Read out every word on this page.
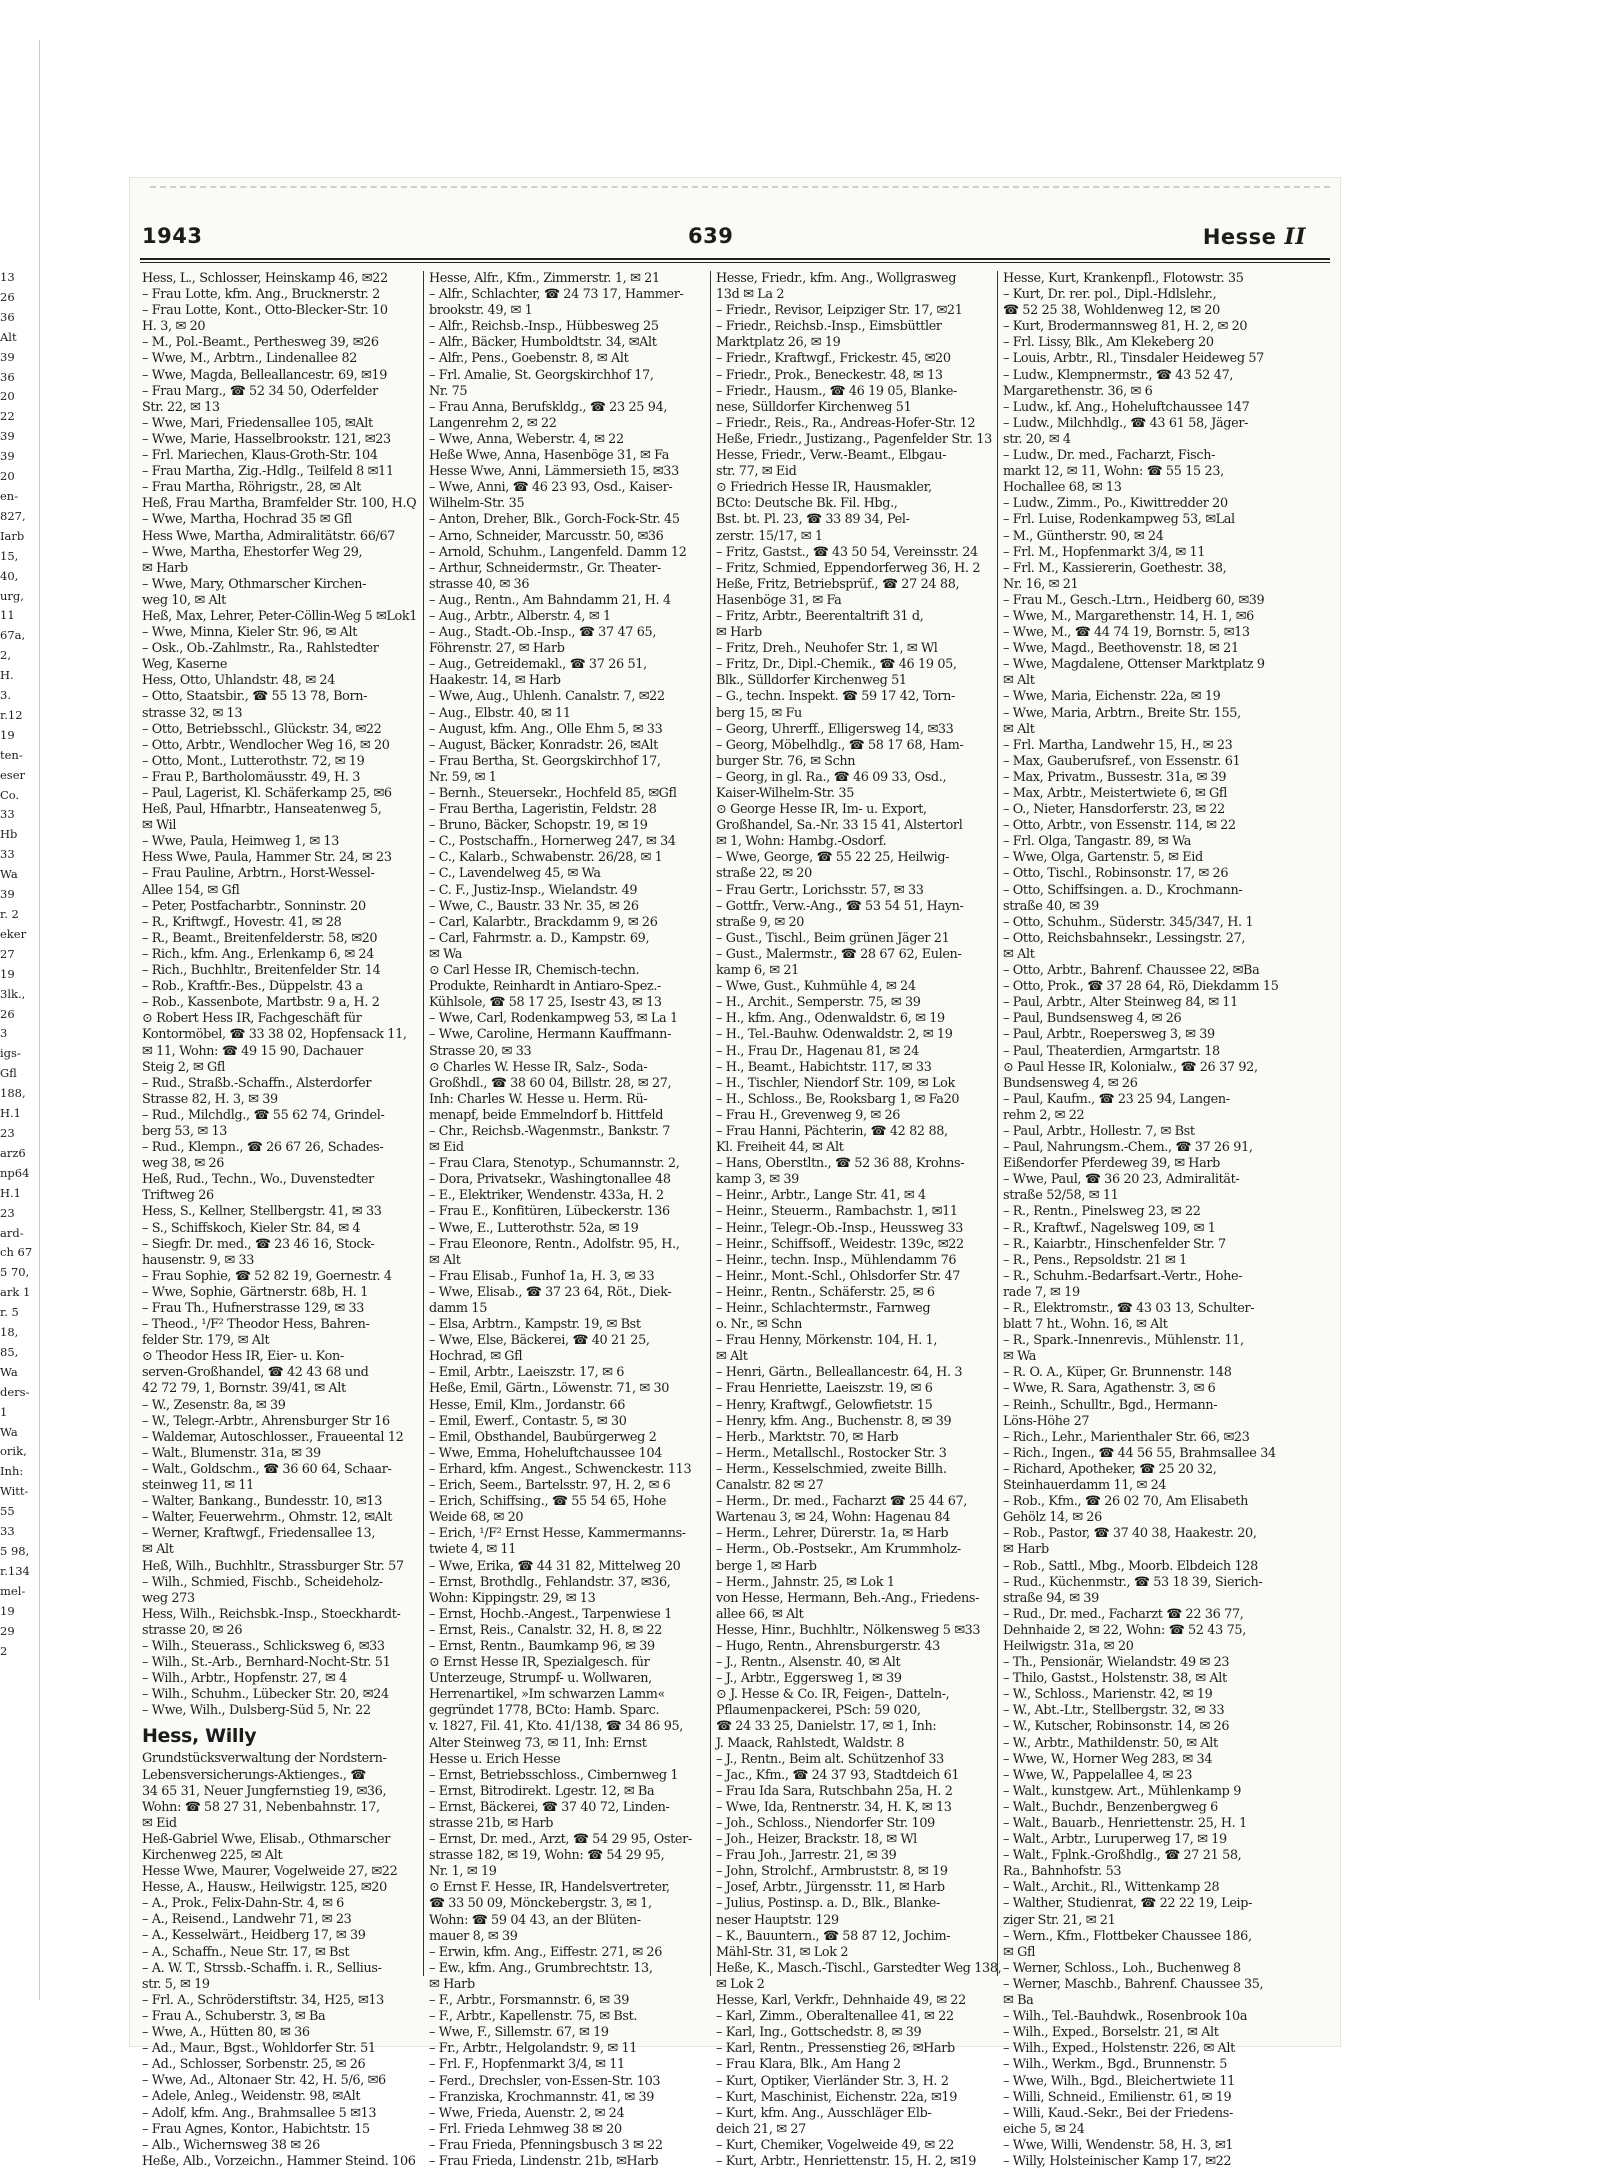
13
26
36
Alt
39
36
20
22
39
39
20
en-
827,
Iarb
15,
40,
urg,
11
67a,
2,
H.
3.
r.12
19
ten-
eser
Co.
33
Hb
33
Wa
39
r. 2
eker
27
19
3lk.,
26
3
igs-
Gfl
188,
H.1
23
arz6
np64
H.1
23
ard-
ch 67
5 70,
ark 1
r. 5
18,
85,
Wa
ders-
1
Wa
orik,
Inh:
Witt-
55
33
5 98,
r.134
mel-
19
29
2
1943	639	Hesse II
Hess, L., Schlosser, Heinskamp 46, ✉22
– Frau Lotte, kfm. Ang., Brucknerstr. 2
– Frau Lotte, Kont., Otto-Blecker-Str. 10
H. 3, ✉ 20
– M., Pol.-Beamt., Perthesweg 39, ✉26
– Wwe, M., Arbtrn., Lindenallee 82
– Wwe, Magda, Belleallancestr. 69, ✉19
– Frau Marg., ☎ 52 34 50, Oderfelder
Str. 22, ✉ 13
– Wwe, Mari, Friedensallee 105, ✉Alt
– Wwe, Marie, Hasselbrookstr. 121, ✉23
– Frl. Mariechen, Klaus-Groth-Str. 104
– Frau Martha, Zig.-Hdlg., Teilfeld 8 ✉11
– Frau Martha, Röhrigstr., 28, ✉ Alt
Heß, Frau Martha, Bramfelder Str. 100, H.Q
– Wwe, Martha, Hochrad 35 ✉ Gfl
Hess Wwe, Martha, Admiralitätstr. 66/67
– Wwe, Martha, Ehestorfer Weg 29,
✉ Harb
– Wwe, Mary, Othmarscher Kirchen-
weg 10, ✉ Alt
Heß, Max, Lehrer, Peter-Cöllin-Weg 5 ✉Lok1
– Wwe, Minna, Kieler Str. 96, ✉ Alt
– Osk., Ob.-Zahlmstr., Ra., Rahlstedter
Weg, Kaserne
Hess, Otto, Uhlandstr. 48, ✉ 24
– Otto, Staatsbir., ☎ 55 13 78, Born-
strasse 32, ✉ 13
– Otto, Betriebsschl., Glückstr. 34, ✉22
– Otto, Arbtr., Wendlocher Weg 16, ✉ 20
– Otto, Mont., Lutterothstr. 72, ✉ 19
– Frau P., Bartholomäusstr. 49, H. 3
– Paul, Lagerist, Kl. Schäferkamp 25, ✉6
Heß, Paul, Hfnarbtr., Hanseatenweg 5,
✉ Wil
– Wwe, Paula, Heimweg 1, ✉ 13
Hess Wwe, Paula, Hammer Str. 24, ✉ 23
– Frau Pauline, Arbtrn., Horst-Wessel-
Allee 154, ✉ Gfl
– Peter, Postfacharbtr., Sonninstr. 20
– R., Kriftwgf., Hovestr. 41, ✉ 28
– R., Beamt., Breitenfelderstr. 58, ✉20
– Rich., kfm. Ang., Erlenkamp 6, ✉ 24
– Rich., Buchhltr., Breitenfelder Str. 14
– Rob., Kraftfr.-Bes., Düppelstr. 43 a
– Rob., Kassenbote, Martbstr. 9 a, H. 2
⊙ Robert Hess IR, Fachgeschäft für
Kontormöbel, ☎ 33 38 02, Hopfensack 11,
✉ 11, Wohn: ☎ 49 15 90, Dachauer
Steig 2, ✉ Gfl
– Rud., Straßb.-Schaffn., Alsterdorfer
Strasse 82, H. 3, ✉ 39
– Rud., Milchdlg., ☎ 55 62 74, Grindel-
berg 53, ✉ 13
– Rud., Klempn., ☎ 26 67 26, Schades-
weg 38, ✉ 26
Heß, Rud., Techn., Wo., Duvenstedter
Triftweg 26
Hess, S., Kellner, Stellbergstr. 41, ✉ 33
– S., Schiffskoch, Kieler Str. 84, ✉ 4
– Siegfr. Dr. med., ☎ 23 46 16, Stock-
hausenstr. 9, ✉ 33
– Frau Sophie, ☎ 52 82 19, Goernestr. 4
– Wwe, Sophie, Gärtnerstr. 68b, H. 1
– Frau Th., Hufnerstrasse 129, ✉ 33
– Theod., ¹/F² Theodor Hess, Bahren-
felder Str. 179, ✉ Alt
⊙ Theodor Hess IR, Eier- u. Kon-
serven-Großhandel, ☎ 42 43 68 und
42 72 79, 1, Bornstr. 39/41, ✉ Alt
– W., Zesenstr. 8a, ✉ 39
– W., Telegr.-Arbtr., Ahrensburger Str 16
– Waldemar, Autoschlosser., Fraueental 12
– Walt., Blumenstr. 31a, ✉ 39
– Walt., Goldschm., ☎ 36 60 64, Schaar-
steinweg 11, ✉ 11
– Walter, Bankang., Bundesstr. 10, ✉13
– Walter, Feuerwehrm., Ohmstr. 12, ✉Alt
– Werner, Kraftwgf., Friedensallee 13,
✉ Alt
Heß, Wilh., Buchhltr., Strassburger Str. 57
– Wilh., Schmied, Fischb., Scheideholz-
weg 273
Hess, Wilh., Reichsbk.-Insp., Stoeckhardt-
strasse 20, ✉ 26
– Wilh., Steuerass., Schlicksweg 6, ✉33
– Wilh., St.-Arb., Bernhard-Nocht-Str. 51
– Wilh., Arbtr., Hopfenstr. 27, ✉ 4
– Wilh., Schuhm., Lübecker Str. 20, ✉24
– Wwe, Wilh., Dulsberg-Süd 5, Nr. 22
Hess, Willy
Grundstücksverwaltung der Nordstern-
Lebensversicherungs-Aktienges., ☎
34 65 31, Neuer Jungfernstieg 19, ✉36,
Wohn: ☎ 58 27 31, Nebenbahnstr. 17,
✉ Eid
Heß-Gabriel Wwe, Elisab., Othmarscher
Kirchenweg 225, ✉ Alt
Hesse Wwe, Maurer, Vogelweide 27, ✉22
Hesse, A., Hausw., Heilwigstr. 125, ✉20
– A., Prok., Felix-Dahn-Str. 4, ✉ 6
– A., Reisend., Landwehr 71, ✉ 23
– A., Kesselwärt., Heidberg 17, ✉ 39
– A., Schaffn., Neue Str. 17, ✉ Bst
– A. W. T., Strssb.-Schaffn. i. R., Sellius-
str. 5, ✉ 19
– Frl. A., Schröderstiftstr. 34, H25, ✉13
– Frau A., Schuberstr. 3, ✉ Ba
– Wwe, A., Hütten 80, ✉ 36
– Ad., Maur., Bgst., Wohldorfer Str. 51
– Ad., Schlosser, Sorbenstr. 25, ✉ 26
– Wwe, Ad., Altonaer Str. 42, H. 5/6, ✉6
– Adele, Anleg., Weidenstr. 98, ✉Alt
– Adolf, kfm. Ang., Brahmsallee 5 ✉13
– Frau Agnes, Kontor., Habichtstr. 15
– Alb., Wichernsweg 38 ✉ 26
Heße, Alb., Vorzeichn., Hammer Steind. 106
Hesse, Alfr., Kfm., Zimmerstr. 1, ✉ 21
– Alfr., Schlachter, ☎ 24 73 17, Hammer-
brookstr. 49, ✉ 1
– Alfr., Reichsb.-Insp., Hübbesweg 25
– Alfr., Bäcker, Humboldtstr. 34, ✉Alt
– Alfr., Pens., Goebenstr. 8, ✉ Alt
– Frl. Amalie, St. Georgskirchhof 17,
Nr. 75
– Frau Anna, Berufskldg., ☎ 23 25 94,
Langenrehm 2, ✉ 22
– Wwe, Anna, Weberstr. 4, ✉ 22
Heße Wwe, Anna, Hasenböge 31, ✉ Fa
Hesse Wwe, Anni, Lämmersieth 15, ✉33
– Wwe, Anni, ☎ 46 23 93, Osd., Kaiser-
Wilhelm-Str. 35
– Anton, Dreher, Blk., Gorch-Fock-Str. 45
– Arno, Schneider, Marcusstr. 50, ✉36
– Arnold, Schuhm., Langenfeld. Damm 12
– Arthur, Schneidermstr., Gr. Theater-
strasse 40, ✉ 36
– Aug., Rentn., Am Bahndamm 21, H. 4
– Aug., Arbtr., Alberstr. 4, ✉ 1
– Aug., Stadt.-Ob.-Insp., ☎ 37 47 65,
Föhrenstr. 27, ✉ Harb
– Aug., Getreidemakl., ☎ 37 26 51,
Haakestr. 14, ✉ Harb
– Wwe, Aug., Uhlenh. Canalstr. 7, ✉22
– Aug., Elbstr. 40, ✉ 11
– August, kfm. Ang., Olle Ehm 5, ✉ 33
– August, Bäcker, Konradstr. 26, ✉Alt
– Frau Bertha, St. Georgskirchhof 17,
Nr. 59, ✉ 1
– Bernh., Steuersekr., Hochfeld 85, ✉Gfl
– Frau Bertha, Lageristin, Feldstr. 28
– Bruno, Bäcker, Schopstr. 19, ✉ 19
– C., Postschaffn., Hornerweg 247, ✉ 34
– C., Kalarb., Schwabenstr. 26/28, ✉ 1
– C., Lavendelweg 45, ✉ Wa
– C. F., Justiz-Insp., Wielandstr. 49
– Wwe, C., Baustr. 33 Nr. 35, ✉ 26
– Carl, Kalarbtr., Brackdamm 9, ✉ 26
– Carl, Fahrmstr. a. D., Kampstr. 69,
✉ Wa
⊙ Carl Hesse IR, Chemisch-techn.
Produkte, Reinhardt in Antiaro-Spez.-
Kühlsole, ☎ 58 17 25, Isestr 43, ✉ 13
– Wwe, Carl, Rodenkampweg 53, ✉ La 1
– Wwe, Caroline, Hermann Kauffmann-
Strasse 20, ✉ 33
⊙ Charles W. Hesse IR, Salz-, Soda-
Großhdl., ☎ 38 60 04, Billstr. 28, ✉ 27,
Inh: Charles W. Hesse u. Herm. Rü-
menapf, beide Emmelndorf b. Hittfeld
– Chr., Reichsb.-Wagenmstr., Bankstr. 7
✉ Eid
– Frau Clara, Stenotyp., Schumannstr. 2,
– Dora, Privatsekr., Washingtonallee 48
– E., Elektriker, Wendenstr. 433a, H. 2
– Frau E., Konfitüren, Lübeckerstr. 136
– Wwe, E., Lutterothstr. 52a, ✉ 19
– Frau Eleonore, Rentn., Adolfstr. 95, H.,
✉ Alt
– Frau Elisab., Funhof 1a, H. 3, ✉ 33
– Wwe, Elisab., ☎ 37 23 64, Röt., Diek-
damm 15
– Elsa, Arbtrn., Kampstr. 19, ✉ Bst
– Wwe, Else, Bäckerei, ☎ 40 21 25,
Hochrad, ✉ Gfl
– Emil, Arbtr., Laeiszstr. 17, ✉ 6
Heße, Emil, Gärtn., Löwenstr. 71, ✉ 30
Hesse, Emil, Klm., Jordanstr. 66
– Emil, Ewerf., Contastr. 5, ✉ 30
– Emil, Obsthandel, Baubürgerweg 2
– Wwe, Emma, Hoheluftchaussee 104
– Erhard, kfm. Angest., Schwenckestr. 113
– Erich, Seem., Bartelsstr. 97, H. 2, ✉ 6
– Erich, Schiffsing., ☎ 55 54 65, Hohe
Weide 68, ✉ 20
– Erich, ¹/F² Ernst Hesse, Kammermanns-
twiete 4, ✉ 11
– Wwe, Erika, ☎ 44 31 82, Mittelweg 20
– Ernst, Brothdlg., Fehlandstr. 37, ✉36,
Wohn: Kippingstr. 29, ✉ 13
– Ernst, Hochb.-Angest., Tarpenwiese 1
– Ernst, Reis., Canalstr. 32, H. 8, ✉ 22
– Ernst, Rentn., Baumkamp 96, ✉ 39
⊙ Ernst Hesse IR, Spezialgesch. für
Unterzeuge, Strumpf- u. Wollwaren,
Herrenartikel, »Im schwarzen Lamm«
gegründet 1778, BCto: Hamb. Sparc.
v. 1827, Fil. 41, Kto. 41/138, ☎ 34 86 95,
Alter Steinweg 73, ✉ 11, Inh: Ernst
Hesse u. Erich Hesse
– Ernst, Betriebsschloss., Cimbernweg 1
– Ernst, Bitrodirekt. Lgestr. 12, ✉ Ba
– Ernst, Bäckerei, ☎ 37 40 72, Linden-
strasse 21b, ✉ Harb
– Ernst, Dr. med., Arzt, ☎ 54 29 95, Oster-
strasse 182, ✉ 19, Wohn: ☎ 54 29 95,
Nr. 1, ✉ 19
⊙ Ernst F. Hesse, IR, Handelsvertreter,
☎ 33 50 09, Mönckebergstr. 3, ✉ 1,
Wohn: ☎ 59 04 43, an der Blüten-
mauer 8, ✉ 39
– Erwin, kfm. Ang., Eiffestr. 271, ✉ 26
– Ew., kfm. Ang., Grumbrechtstr. 13,
✉ Harb
– F., Arbtr., Forsmannstr. 6, ✉ 39
– F., Arbtr., Kapellenstr. 75, ✉ Bst.
– Wwe, F., Sillemstr. 67, ✉ 19
– Fr., Arbtr., Helgolandstr. 9, ✉ 11
– Frl. F., Hopfenmarkt 3/4, ✉ 11
– Ferd., Drechsler, von-Essen-Str. 103
– Franziska, Krochmannstr. 41, ✉ 39
– Wwe, Frieda, Auenstr. 2, ✉ 24
– Frl. Frieda Lehmweg 38 ✉ 20
– Frau Frieda, Pfenningsbusch 3 ✉ 22
– Frau Frieda, Lindenstr. 21b, ✉Harb
Hesse, Friedr., kfm. Ang., Wollgrasweg
13d ✉ La 2
– Friedr., Revisor, Leipziger Str. 17, ✉21
– Friedr., Reichsb.-Insp., Eimsbüttler
Marktplatz 26, ✉ 19
– Friedr., Kraftwgf., Frickestr. 45, ✉20
– Friedr., Prok., Beneckestr. 48, ✉ 13
– Friedr., Hausm., ☎ 46 19 05, Blanke-
nese, Sülldorfer Kirchenweg 51
– Friedr., Reis., Ra., Andreas-Hofer-Str. 12
Heße, Friedr., Justizang., Pagenfelder Str. 13
Hesse, Friedr., Verw.-Beamt., Elbgau-
str. 77, ✉ Eid
⊙ Friedrich Hesse IR, Hausmakler,
BCto: Deutsche Bk. Fil. Hbg.,
Bst. bt. Pl. 23, ☎ 33 89 34, Pel-
zerstr. 15/17, ✉ 1
– Fritz, Gastst., ☎ 43 50 54, Vereinsstr. 24
– Fritz, Schmied, Eppendorferweg 36, H. 2
Heße, Fritz, Betriebsprüf., ☎ 27 24 88,
Hasenböge 31, ✉ Fa
– Fritz, Arbtr., Beerentaltrift 31 d,
✉ Harb
– Fritz, Dreh., Neuhofer Str. 1, ✉ Wl
– Fritz, Dr., Dipl.-Chemik., ☎ 46 19 05,
Blk., Sülldorfer Kirchenweg 51
– G., techn. Inspekt. ☎ 59 17 42, Torn-
berg 15, ✉ Fu
– Georg, Uhrerff., Elligersweg 14, ✉33
– Georg, Möbelhdlg., ☎ 58 17 68, Ham-
burger Str. 76, ✉ Schn
– Georg, in gl. Ra., ☎ 46 09 33, Osd.,
Kaiser-Wilhelm-Str. 35
⊙ George Hesse IR, Im- u. Export,
Großhandel, Sa.-Nr. 33 15 41, Alstertorl
✉ 1, Wohn: Hambg.-Osdorf.
– Wwe, George, ☎ 55 22 25, Heilwig-
straße 22, ✉ 20
– Frau Gertr., Lorichsstr. 57, ✉ 33
– Gottfr., Verw.-Ang., ☎ 53 54 51, Hayn-
straße 9, ✉ 20
– Gust., Tischl., Beim grünen Jäger 21
– Gust., Malermstr., ☎ 28 67 62, Eulen-
kamp 6, ✉ 21
– Wwe, Gust., Kuhmühle 4, ✉ 24
– H., Archit., Semperstr. 75, ✉ 39
– H., kfm. Ang., Odenwaldstr. 6, ✉ 19
– H., Tel.-Bauhw. Odenwaldstr. 2, ✉ 19
– H., Frau Dr., Hagenau 81, ✉ 24
– H., Beamt., Habichtstr. 117, ✉ 33
– H., Tischler, Niendorf Str. 109, ✉ Lok
– H., Schloss., Be, Rooksbarg 1, ✉ Fa20
– Frau H., Grevenweg 9, ✉ 26
– Frau Hanni, Pächterin, ☎ 42 82 88,
Kl. Freiheit 44, ✉ Alt
– Hans, Oberstltn., ☎ 52 36 88, Krohns-
kamp 3, ✉ 39
– Heinr., Arbtr., Lange Str. 41, ✉ 4
– Heinr., Steuerm., Rambachstr. 1, ✉11
– Heinr., Telegr.-Ob.-Insp., Heussweg 33
– Heinr., Schiffsoff., Weidestr. 139c, ✉22
– Heinr., techn. Insp., Mühlendamm 76
– Heinr., Mont.-Schl., Ohlsdorfer Str. 47
– Heinr., Rentn., Schäferstr. 25, ✉ 6
– Heinr., Schlachtermstr., Farnweg
o. Nr., ✉ Schn
– Frau Henny, Mörkenstr. 104, H. 1,
✉ Alt
– Henri, Gärtn., Belleallancestr. 64, H. 3
– Frau Henriette, Laeiszstr. 19, ✉ 6
– Henry, Kraftwgf., Gelowfietstr. 15
– Henry, kfm. Ang., Buchenstr. 8, ✉ 39
– Herb., Marktstr. 70, ✉ Harb
– Herm., Metallschl., Rostocker Str. 3
– Herm., Kesselschmied, zweite Billh.
Canalstr. 82 ✉ 27
– Herm., Dr. med., Facharzt ☎ 25 44 67,
Wartenau 3, ✉ 24, Wohn: Hagenau 84
– Herm., Lehrer, Dürerstr. 1a, ✉ Harb
– Herm., Ob.-Postsekr., Am Krummholz-
berge 1, ✉ Harb
– Herm., Jahnstr. 25, ✉ Lok 1
von Hesse, Hermann, Beh.-Ang., Friedens-
allee 66, ✉ Alt
Hesse, Hinr., Buchhltr., Nölkensweg 5 ✉33
– Hugo, Rentn., Ahrensburgerstr. 43
– J., Rentn., Alsenstr. 40, ✉ Alt
– J., Arbtr., Eggersweg 1, ✉ 39
⊙ J. Hesse & Co. IR, Feigen-, Datteln-,
Pflaumenpackerei, PSch: 59 020,
☎ 24 33 25, Danielstr. 17, ✉ 1, Inh:
J. Maack, Rahlstedt, Waldstr. 8
– J., Rentn., Beim alt. Schützenhof 33
– Jac., Kfm., ☎ 24 37 93, Stadtdeich 61
– Frau Ida Sara, Rutschbahn 25a, H. 2
– Wwe, Ida, Rentnerstr. 34, H. K, ✉ 13
– Joh., Schloss., Niendorfer Str. 109
– Joh., Heizer, Brackstr. 18, ✉ Wl
– Frau Joh., Jarrestr. 21, ✉ 39
– John, Strolchf., Armbruststr. 8, ✉ 19
– Josef, Arbtr., Jürgensstr. 11, ✉ Harb
– Julius, Postinsp. a. D., Blk., Blanke-
neser Hauptstr. 129
– K., Bauuntern., ☎ 58 87 12, Jochim-
Mähl-Str. 31, ✉ Lok 2
Heße, K., Masch.-Tischl., Garstedter Weg 138,
✉ Lok 2
Hesse, Karl, Verkfr., Dehnhaide 49, ✉ 22
– Karl, Zimm., Oberaltenallee 41, ✉ 22
– Karl, Ing., Gottschedstr. 8, ✉ 39
– Karl, Rentn., Pressenstieg 26, ✉Harb
– Frau Klara, Blk., Am Hang 2
– Kurt, Optiker, Vierländer Str. 3, H. 2
– Kurt, Maschinist, Eichenstr. 22a, ✉19
– Kurt, kfm. Ang., Ausschläger Elb-
deich 21, ✉ 27
– Kurt, Chemiker, Vogelweide 49, ✉ 22
– Kurt, Arbtr., Henriettenstr. 15, H. 2, ✉19
Hesse, Kurt, Krankenpfl., Flotowstr. 35
– Kurt, Dr. rer. pol., Dipl.-Hdlslehr.,
☎ 52 25 38, Wohldenweg 12, ✉ 20
– Kurt, Brodermannsweg 81, H. 2, ✉ 20
– Frl. Lissy, Blk., Am Klekeberg 20
– Louis, Arbtr., Rl., Tinsdaler Heideweg 57
– Ludw., Klempnermstr., ☎ 43 52 47,
Margarethenstr. 36, ✉ 6
– Ludw., kf. Ang., Hoheluftchaussee 147
– Ludw., Milchhdlg., ☎ 43 61 58, Jäger-
str. 20, ✉ 4
– Ludw., Dr. med., Facharzt, Fisch-
markt 12, ✉ 11, Wohn: ☎ 55 15 23,
Hochallee 68, ✉ 13
– Ludw., Zimm., Po., Kiwittredder 20
– Frl. Luise, Rodenkampweg 53, ✉Lal
– M., Güntherstr. 90, ✉ 24
– Frl. M., Hopfenmarkt 3/4, ✉ 11
– Frl. M., Kassiererin, Goethestr. 38,
Nr. 16, ✉ 21
– Frau M., Gesch.-Ltrn., Heidberg 60, ✉39
– Wwe, M., Margarethenstr. 14, H. 1, ✉6
– Wwe, M., ☎ 44 74 19, Bornstr. 5, ✉13
– Wwe, Magd., Beethovenstr. 18, ✉ 21
– Wwe, Magdalene, Ottenser Marktplatz 9
✉ Alt
– Wwe, Maria, Eichenstr. 22a, ✉ 19
– Wwe, Maria, Arbtrn., Breite Str. 155,
✉ Alt
– Frl. Martha, Landwehr 15, H., ✉ 23
– Max, Gauberufsref., von Essenstr. 61
– Max, Privatm., Bussestr. 31a, ✉ 39
– Max, Arbtr., Meistertwiete 6, ✉ Gfl
– O., Nieter, Hansdorferstr. 23, ✉ 22
– Otto, Arbtr., von Essenstr. 114, ✉ 22
– Frl. Olga, Tangastr. 89, ✉ Wa
– Wwe, Olga, Gartenstr. 5, ✉ Eid
– Otto, Tischl., Robinsonstr. 17, ✉ 26
– Otto, Schiffsingen. a. D., Krochmann-
straße 40, ✉ 39
– Otto, Schuhm., Süderstr. 345/347, H. 1
– Otto, Reichsbahnsekr., Lessingstr. 27,
✉ Alt
– Otto, Arbtr., Bahrenf. Chaussee 22, ✉Ba
– Otto, Prok., ☎ 37 28 64, Rö, Diekdamm 15
– Paul, Arbtr., Alter Steinweg 84, ✉ 11
– Paul, Bundsensweg 4, ✉ 26
– Paul, Arbtr., Roepersweg 3, ✉ 39
– Paul, Theaterdien, Armgartstr. 18
⊙ Paul Hesse IR, Kolonialw., ☎ 26 37 92,
Bundsensweg 4, ✉ 26
– Paul, Kaufm., ☎ 23 25 94, Langen-
rehm 2, ✉ 22
– Paul, Arbtr., Hollestr. 7, ✉ Bst
– Paul, Nahrungsm.-Chem., ☎ 37 26 91,
Eißendorfer Pferdeweg 39, ✉ Harb
– Wwe, Paul, ☎ 36 20 23, Admiralität-
straße 52/58, ✉ 11
– R., Rentn., Pinelsweg 23, ✉ 22
– R., Kraftwf., Nagelsweg 109, ✉ 1
– R., Kaiarbtr., Hinschenfelder Str. 7
– R., Pens., Repsoldstr. 21 ✉ 1
– R., Schuhm.-Bedarfsart.-Vertr., Hohe-
rade 7, ✉ 19
– R., Elektromstr., ☎ 43 03 13, Schulter-
blatt 7 ht., Wohn. 16, ✉ Alt
– R., Spark.-Innenrevis., Mühlenstr. 11,
✉ Wa
– R. O. A., Küper, Gr. Brunnenstr. 148
– Wwe, R. Sara, Agathenstr. 3, ✉ 6
– Reinh., Schulltr., Bgd., Hermann-
Löns-Höhe 27
– Rich., Lehr., Marienthaler Str. 66, ✉23
– Rich., Ingen., ☎ 44 56 55, Brahmsallee 34
– Richard, Apotheker, ☎ 25 20 32,
Steinhauerdamm 11, ✉ 24
– Rob., Kfm., ☎ 26 02 70, Am Elisabeth
Gehölz 14, ✉ 26
– Rob., Pastor, ☎ 37 40 38, Haakestr. 20,
✉ Harb
– Rob., Sattl., Mbg., Moorb. Elbdeich 128
– Rud., Küchenmstr., ☎ 53 18 39, Sierich-
straße 94, ✉ 39
– Rud., Dr. med., Facharzt ☎ 22 36 77,
Dehnhaide 2, ✉ 22, Wohn: ☎ 52 43 75,
Heilwigstr. 31a, ✉ 20
– Th., Pensionär, Wielandstr. 49 ✉ 23
– Thilo, Gastst., Holstenstr. 38, ✉ Alt
– W., Schloss., Marienstr. 42, ✉ 19
– W., Abt.-Ltr., Stellbergstr. 32, ✉ 33
– W., Kutscher, Robinsonstr. 14, ✉ 26
– W., Arbtr., Mathildenstr. 50, ✉ Alt
– Wwe, W., Horner Weg 283, ✉ 34
– Wwe, W., Pappelallee 4, ✉ 23
– Walt., kunstgew. Art., Mühlenkamp 9
– Walt., Buchdr., Benzenbergweg 6
– Walt., Bauarb., Henriettenstr. 25, H. 1
– Walt., Arbtr., Luruperweg 17, ✉ 19
– Walt., Fplnk.-Großhdlg., ☎ 27 21 58,
Ra., Bahnhofstr. 53
– Walt., Archit., Rl., Wittenkamp 28
– Walther, Studienrat, ☎ 22 22 19, Leip-
ziger Str. 21, ✉ 21
– Wern., Kfm., Flottbeker Chaussee 186,
✉ Gfl
– Werner, Schloss., Loh., Buchenweg 8
– Werner, Maschb., Bahrenf. Chaussee 35,
✉ Ba
– Wilh., Tel.-Bauhdwk., Rosenbrook 10a
– Wilh., Exped., Borselstr. 21, ✉ Alt
– Wilh., Exped., Holstenstr. 226, ✉ Alt
– Wilh., Werkm., Bgd., Brunnenstr. 5
– Wwe, Wilh., Bgd., Bleichertwiete 11
– Willi, Schneid., Emilienstr. 61, ✉ 19
– Willi, Kaud.-Sekr., Bei der Friedens-
eiche 5, ✉ 24
– Wwe, Willi, Wendenstr. 58, H. 3, ✉1
– Willy, Holsteinischer Kamp 17, ✉22
